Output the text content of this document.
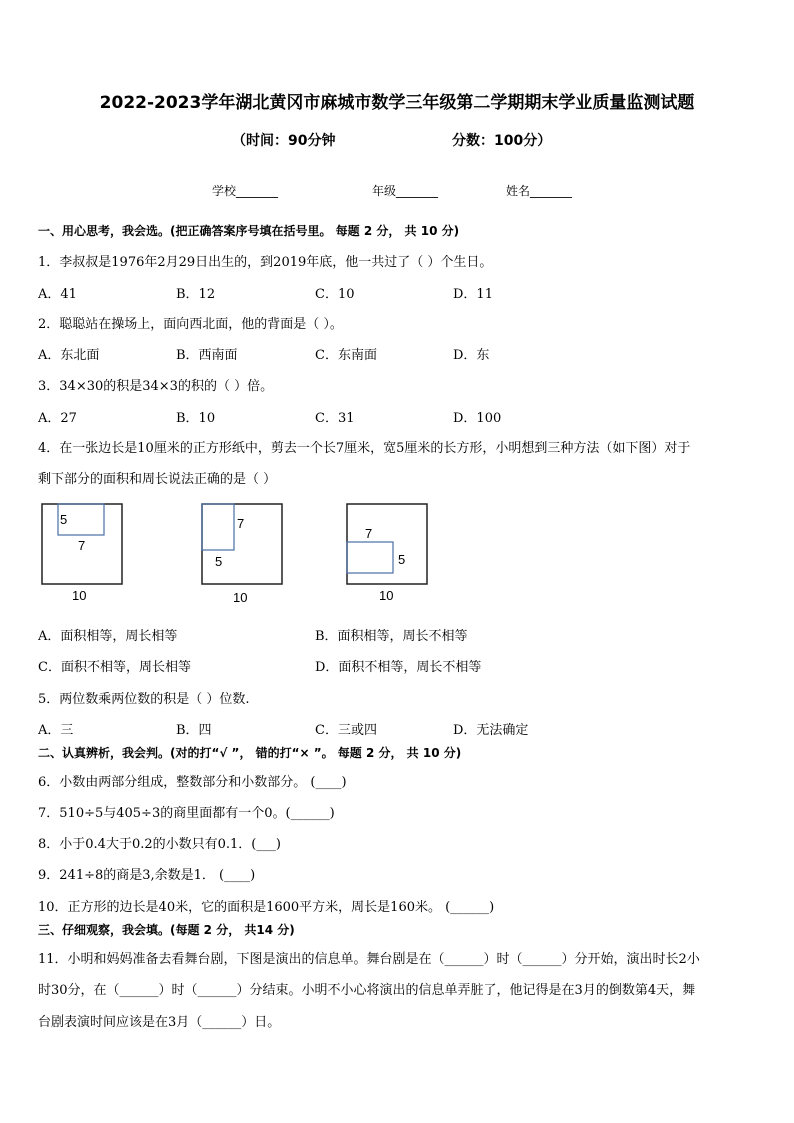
2022-2023学年湖北黄冈市麻城市数学三年级第二学期期末学业质量监测试题
（时间：90分钟	分数：100分）
学校_______	年级_______	姓名_______
一、用心思考，我会选。(把正确答案序号填在括号里。 每题 2 分， 共 10 分)
1．李叔叔是1976年2月29日出生的，到2019年底，他一共过了（ ）个生日。
A．41	B．12	C．10	D．11
2．聪聪站在操场上，面向西北面，他的背面是（ ）。
A．东北面	B．西南面	C．东南面	D．东
3．34×30的积是34×3的积的（ ）倍。
A．27	B．10	C．31	D．100
4．在一张边长是10厘米的正方形纸中，剪去一个长7厘米，宽5厘米的长方形，小明想到三种方法（如下图）对于
剩下部分的面积和周长说法正确的是（ ）
5
7
10
7
5
10
7
5
10
A．面积相等，周长相等	B．面积相等，周长不相等
C．面积不相等，周长相等	D．面积不相等，周长不相等
5．两位数乘两位数的积是（ ）位数.
A．三	B．四	C．三或四	D．无法确定
二、认真辨析，我会判。(对的打“√ ”， 错的打“× ”。 每题 2 分， 共 10 分)
6．小数由两部分组成，整数部分和小数部分。 (____)
7．510÷5与405÷3的商里面都有一个0。(______)
8．小于0.4大于0.2的小数只有0.1．(___)
9．241÷8的商是3,余数是1． (____)
10．正方形的边长是40米，它的面积是1600平方米，周长是160米。 (______)
三、仔细观察，我会填。(每题 2 分， 共14 分)
11．小明和妈妈准备去看舞台剧，下图是演出的信息单。舞台剧是在（______）时（______）分开始，演出时长2小
时30分，在（______）时（______）分结束。小明不小心将演出的信息单弄脏了，他记得是在3月的倒数第4天，舞
台剧表演时间应该是在3月（______）日。
